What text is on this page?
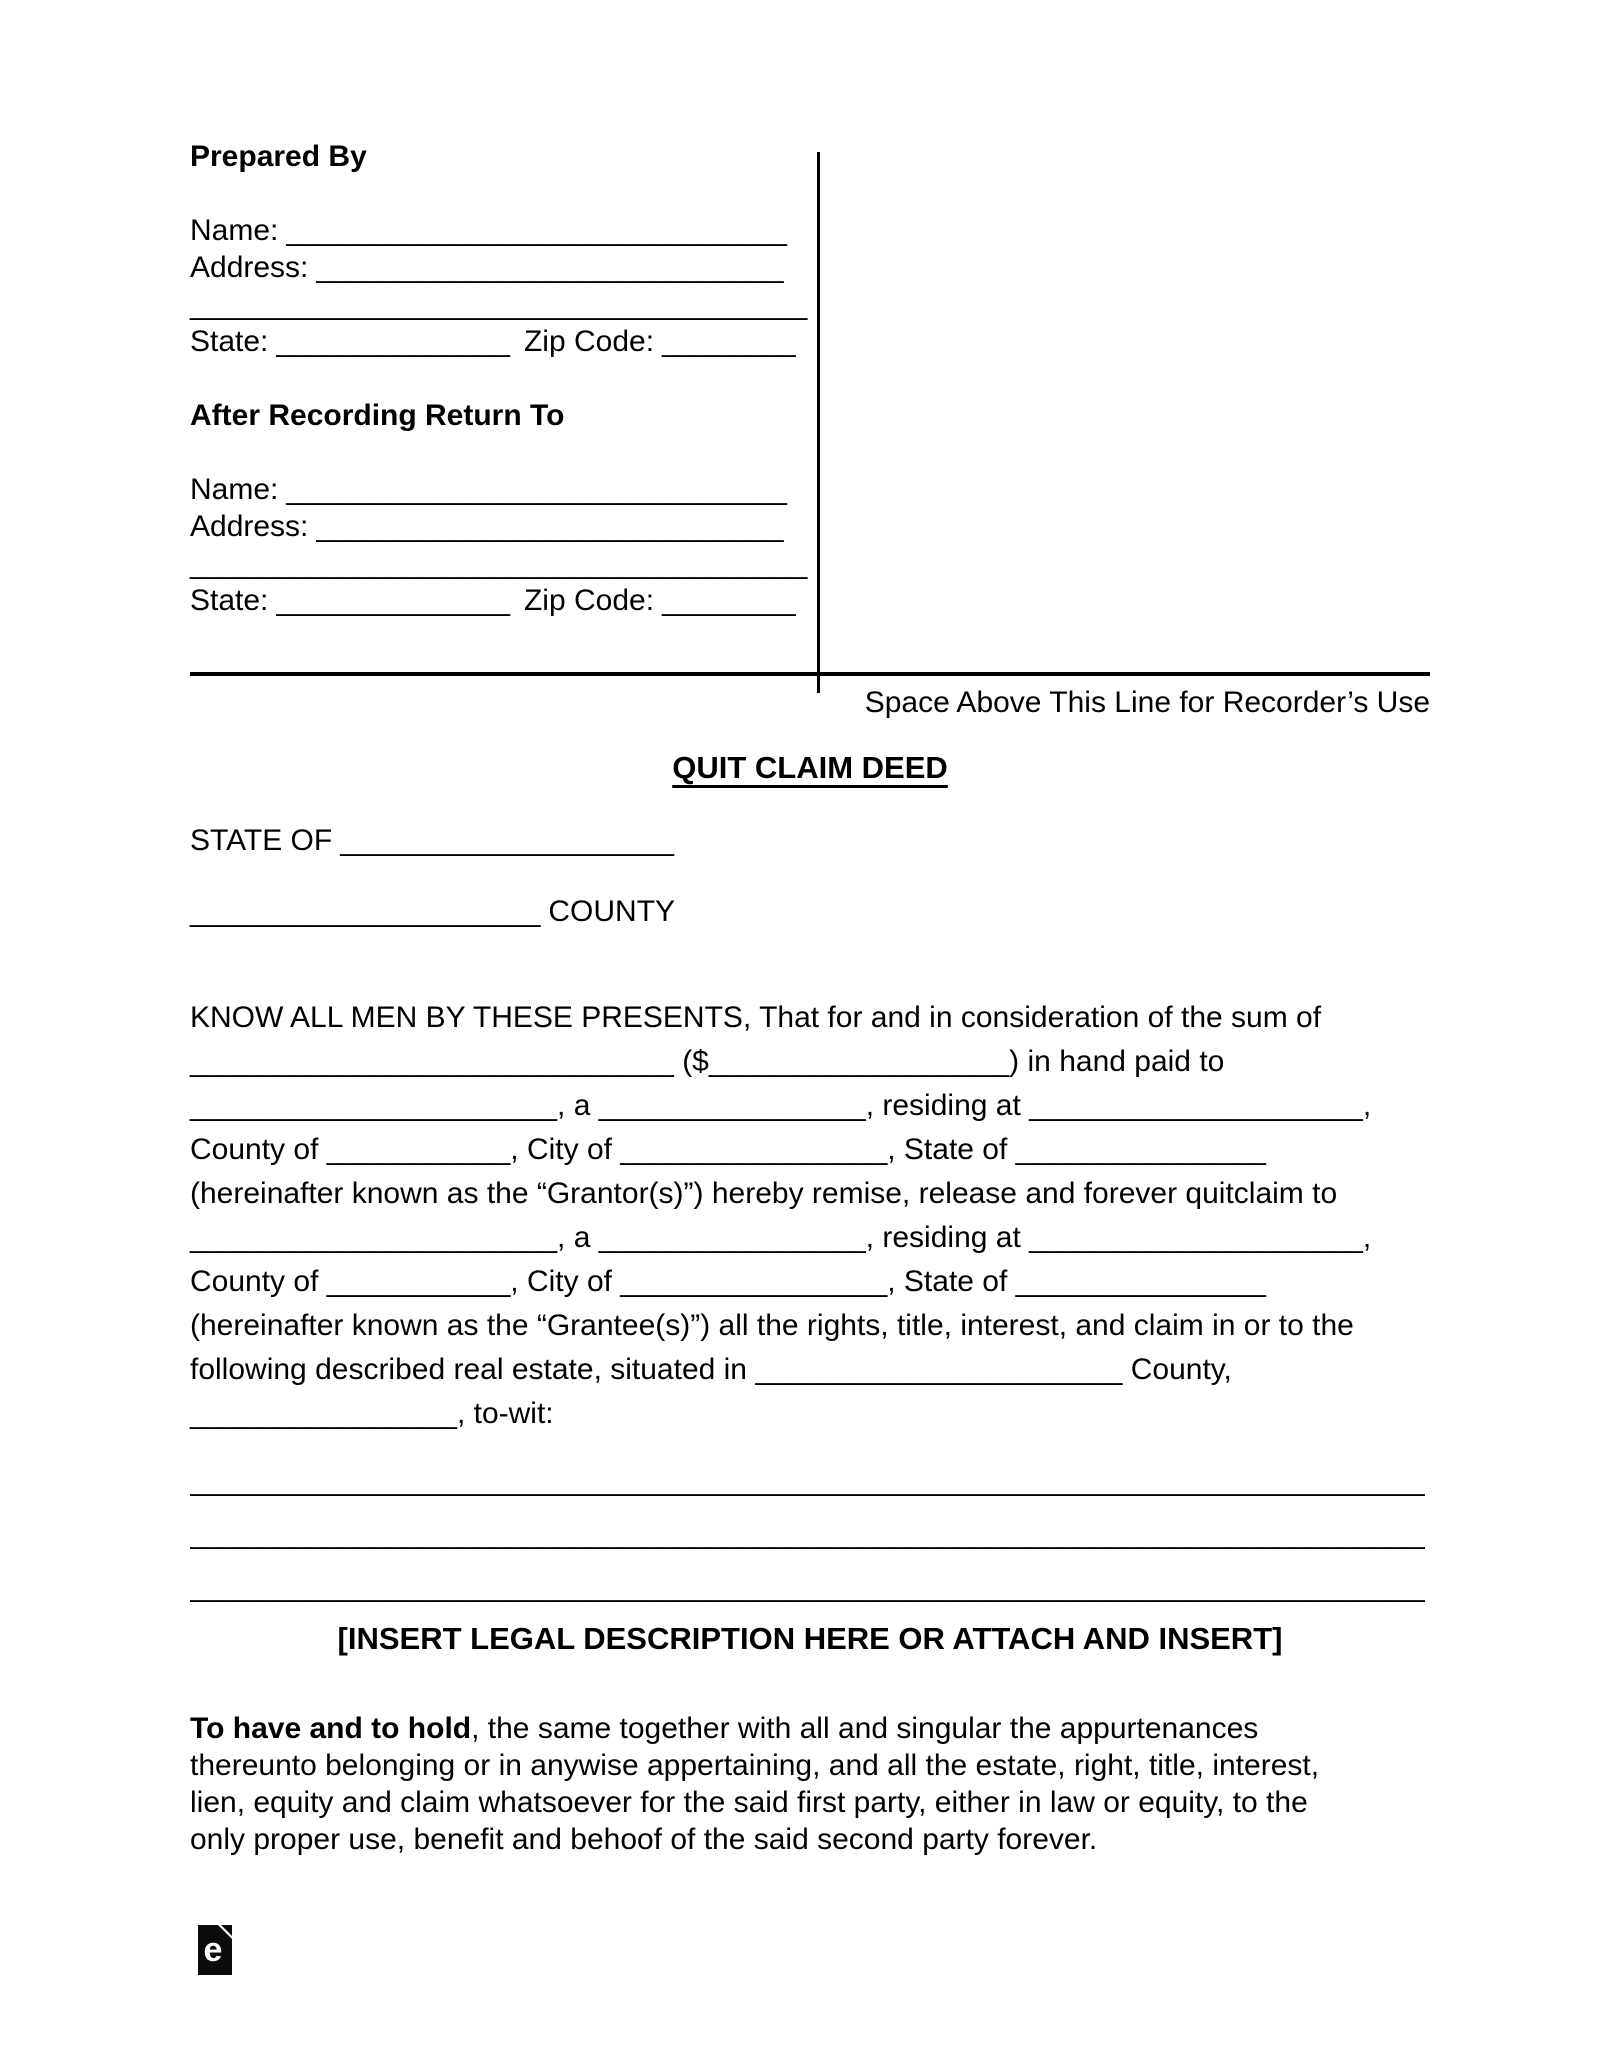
Prepared By
Name: ______________________________
Address: ____________________________
_____________________________________
State: ______________ Zip Code: ________
After Recording Return To
Name: ______________________________
Address: ____________________________
_____________________________________
State: ______________ Zip Code: ________
Space Above This Line for Recorder’s Use
QUIT CLAIM DEED
STATE OF ____________________
_____________________ COUNTY
KNOW ALL MEN BY THESE PRESENTS, That for and in consideration of the sum of
_____________________________ ($__________________) in hand paid to
______________________, a ________________, residing at ____________________,
County of ___________, City of ________________, State of _______________
(hereinafter known as the “Grantor(s)”) hereby remise, release and forever quitclaim to
______________________, a ________________, residing at ____________________,
County of ___________, City of ________________, State of _______________
(hereinafter known as the “Grantee(s)”) all the rights, title, interest, and claim in or to the
following described real estate, situated in ______________________ County,
________________, to-wit:
__________________________________________________________________________
__________________________________________________________________________
__________________________________________________________________________
[INSERT LEGAL DESCRIPTION HERE OR ATTACH AND INSERT]
To have and to hold, the same together with all and singular the appurtenances
thereunto belonging or in anywise appertaining, and all the estate, right, title, interest,
lien, equity and claim whatsoever for the said first party, either in law or equity, to the
only proper use, benefit and behoof of the said second party forever.
e
